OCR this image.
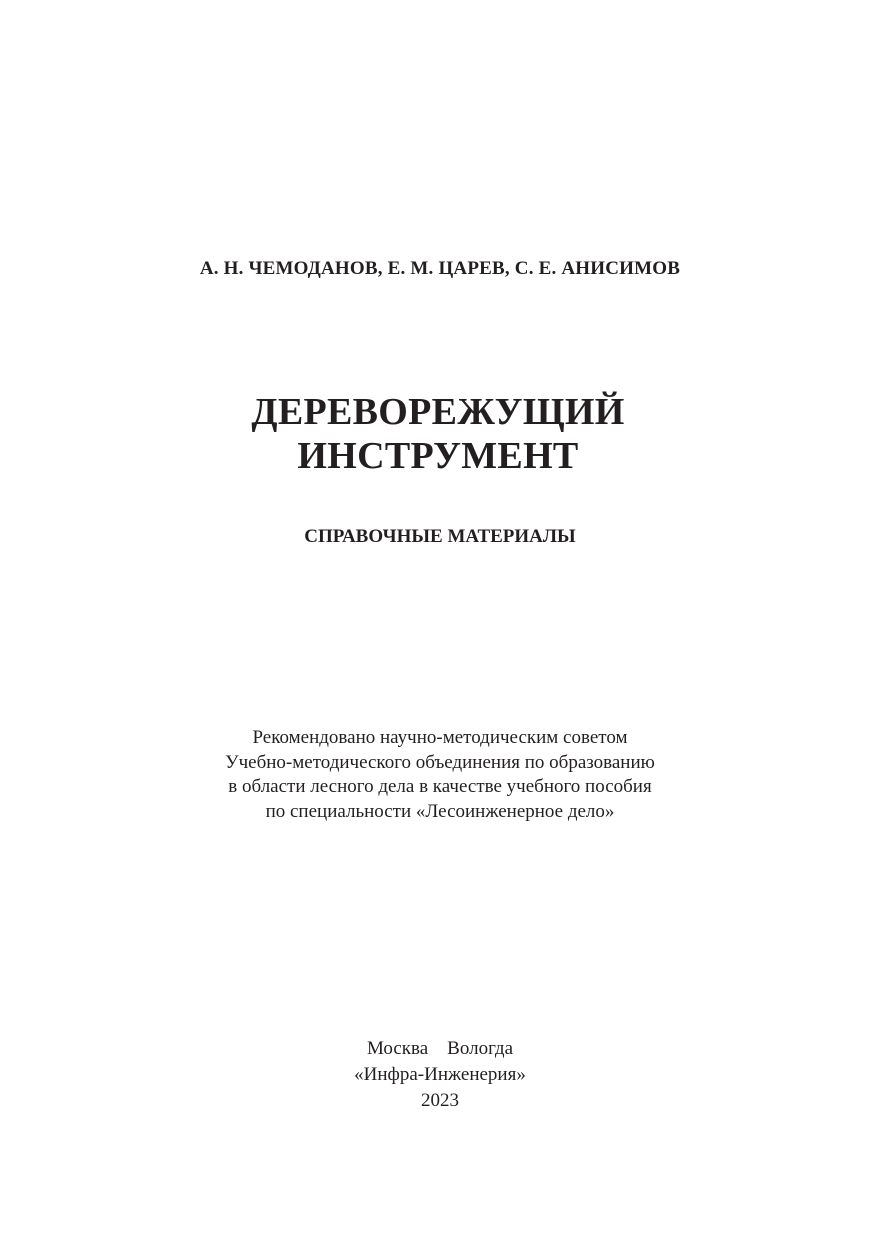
А. Н. ЧЕМОДАНОВ, Е. М. ЦАРЕВ, С. Е. АНИСИМОВ
ДЕРЕВОРЕЖУЩИЙ
ИНСТРУМЕНТ
СПРАВОЧНЫЕ МАТЕРИАЛЫ
Рекомендовано научно-методическим советом
Учебно-методического объединения по образованию
в области лесного дела в качестве учебного пособия
по специальности «Лесоинженерное дело»
Москва Вологда
«Инфра-Инженерия»
2023
